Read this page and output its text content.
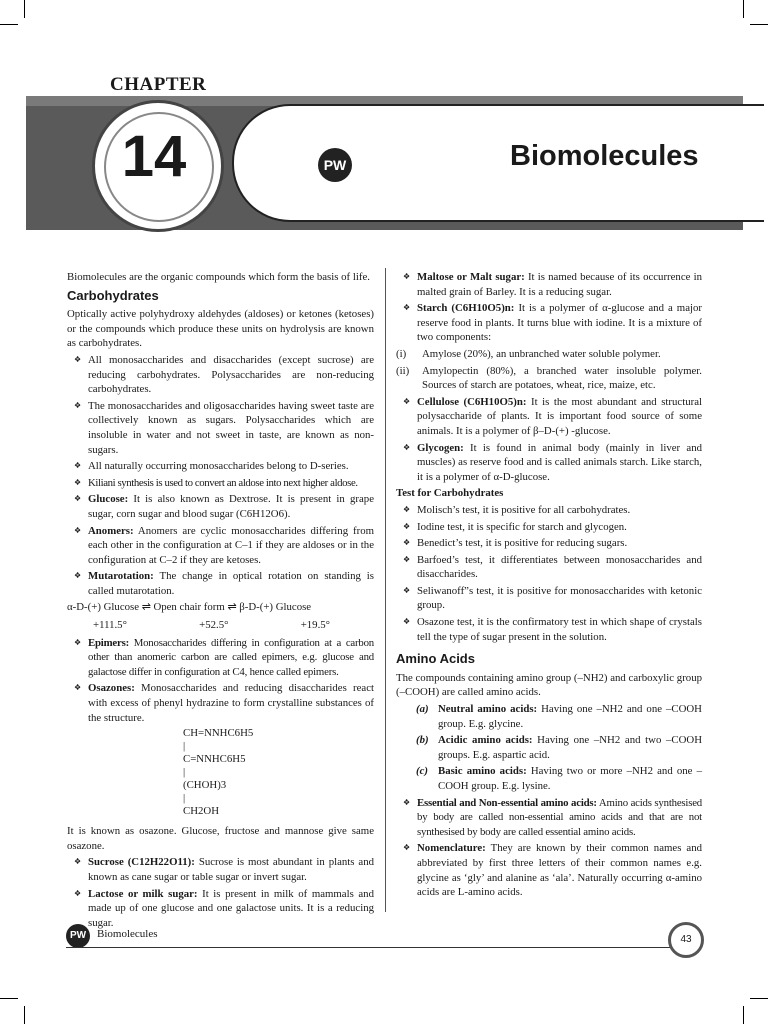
CHAPTER
14	PW	Biomolecules

Biomolecules are the organic compounds which form the basis of life.

Carbohydrates

Optically active polyhydroxy aldehydes (aldoses) or ketones (ketoses) or the compounds which produce these units on hydrolysis are known as carbohydrates.

❖ All monosaccharides and disaccharides (except sucrose) are reducing carbohydrates. Polysaccharides are non-reducing carbohydrates.
❖ The monosaccharides and oligosaccharides having sweet taste are collectively known as sugars. Polysaccharides which are insoluble in water and not sweet in taste, are known as non-sugars.
❖ All naturally occurring monosaccharides belong to D-series.
❖ Kiliani synthesis is used to convert an aldose into next higher aldose.
❖ Glucose: It is also known as Dextrose. It is present in grape sugar, corn sugar and blood sugar (C6H12O6).
❖ Anomers: Anomers are cyclic monosaccharides differing from each other in the configuration at C–1 if they are aldoses or in the configuration at C–2 if they are ketoses.
❖ Mutarotation: The change in optical rotation on standing is called mutarotation.

α-D-(+) Glucose ⇌ Open chair form ⇌ β-D-(+) Glucose

+111.5°	+52.5°	+19.5°
❖ Epimers: Monosaccharides differing in configuration at a carbon other than anomeric carbon are called epimers, e.g. glucose and galactose differ in configuration at C4, hence called epimers.
❖ Osazones: Monosaccharides and reducing disaccharides react with excess of phenyl hydrazine to form crystalline substances of the structure.
CH=NNHC6H5
|
C=NNHC6H5
|
(CHOH)3
|
CH2OH

It is known as osazone. Glucose, fructose and mannose give same osazone.

❖ Sucrose (C12H22O11): Sucrose is most abundant in plants and known as cane sugar or table sugar or invert sugar.
❖ Lactose or milk sugar: It is present in milk of mammals and made up of one glucose and one galactose units. It is a reducing sugar.
❖ Maltose or Malt sugar: It is named because of its occurrence in malted grain of Barley. It is a reducing sugar.
❖ Starch (C6H10O5)n: It is a polymer of α-glucose and a major reserve food in plants. It turns blue with iodine. It is a mixture of two components:
(i) Amylose (20%), an unbranched water soluble polymer.
(ii) Amylopectin (80%), a branched water insoluble polymer. Sources of starch are potatoes, wheat, rice, maize, etc.
❖ Cellulose (C6H10O5)n: It is the most abundant and structural polysaccharide of plants. It is important food source of some animals. It is a polymer of β–D-(+) -glucose.
❖ Glycogen: It is found in animal body (mainly in liver and muscles) as reserve food and is called animals starch. Like starch, it is a polymer of α-D-glucose.
Test for Carbohydrates
❖ Molisch’s test, it is positive for all carbohydrates.
❖ Iodine test, it is specific for starch and glycogen.
❖ Benedict’s test, it is positive for reducing sugars.
❖ Barfoed’s test, it differentiates between monosaccharides and disaccharides.
❖ Seliwanoff”s test, it is positive for monosaccharides with ketonic group.
❖ Osazone test, it is the confirmatory test in which shape of crystals tell the type of sugar present in the solution.
Amino Acids

The compounds containing amino group (–NH2) and carboxylic group (–COOH) are called amino acids.

(a) Neutral amino acids: Having one –NH2 and one –COOH group. E.g. glycine.
(b) Acidic amino acids: Having one –NH2 and two –COOH groups. E.g. aspartic acid.
(c) Basic amino acids: Having two or more –NH2 and one –COOH group. E.g. lysine.
❖ Essential and Non-essential amino acids: Amino acids synthesised by body are called non-essential amino acids and that are not synthesised by body are called essential amino acids.
❖ Nomenclature: They are known by their common names and abbreviated by first three letters of their common names e.g. glycine as ‘gly’ and alanine as ‘ala’. Naturally occurring α-amino acids are L-amino acids.
PW Biomolecules	43
